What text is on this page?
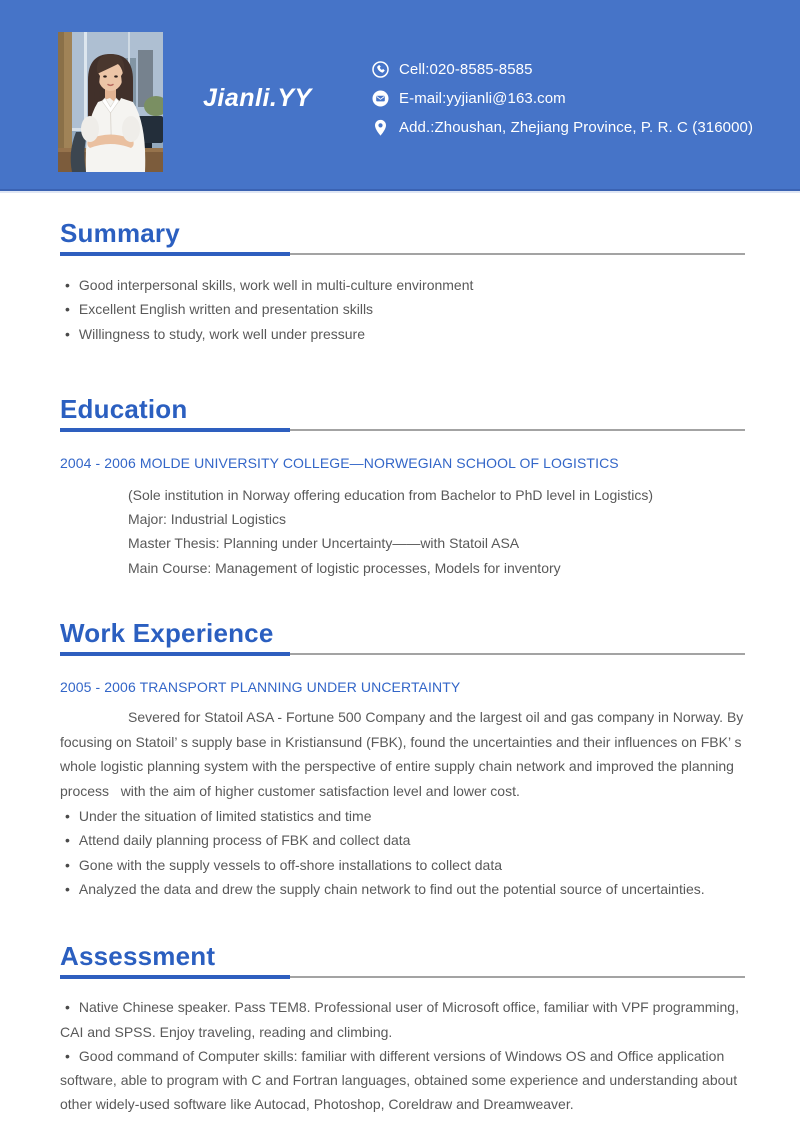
Jianli.YY
Cell:020-8585-8585
E-mail:yyjianli@163.com
Add.:Zhoushan, Zhejiang Province, P. R. C (316000)
Summary
• Good interpersonal skills, work well in multi-culture environment
• Excellent English written and presentation skills
• Willingness to study, work well under pressure
Education
2004 - 2006 MOLDE UNIVERSITY COLLEGE—NORWEGIAN SCHOOL OF LOGISTICS
(Sole institution in Norway offering education from Bachelor to PhD level in Logistics)
Major: Industrial Logistics
Master Thesis: Planning under Uncertainty——with Statoil ASA
Main Course: Management of logistic processes, Models for inventory
Work Experience
2005 - 2006 TRANSPORT PLANNING UNDER UNCERTAINTY
Severed for Statoil ASA - Fortune 500 Company and the largest oil and gas company in Norway. By focusing on Statoil’ s supply base in Kristiansund (FBK), found the uncertainties and their influences on FBK’ s whole logistic planning system with the perspective of entire supply chain network and improved the planning process   with the aim of higher customer satisfaction level and lower cost.
• Under the situation of limited statistics and time
• Attend daily planning process of FBK and collect data
• Gone with the supply vessels to off-shore installations to collect data
• Analyzed the data and drew the supply chain network to find out the potential source of uncertainties.
Assessment
• Native Chinese speaker. Pass TEM8. Professional user of Microsoft office, familiar with VPF programming, CAI and SPSS. Enjoy traveling, reading and climbing.
• Good command of Computer skills: familiar with different versions of Windows OS and Office application software, able to program with C and Fortran languages, obtained some experience and understanding about other widely-used software like Autocad, Photoshop, Coreldraw and Dreamweaver.
